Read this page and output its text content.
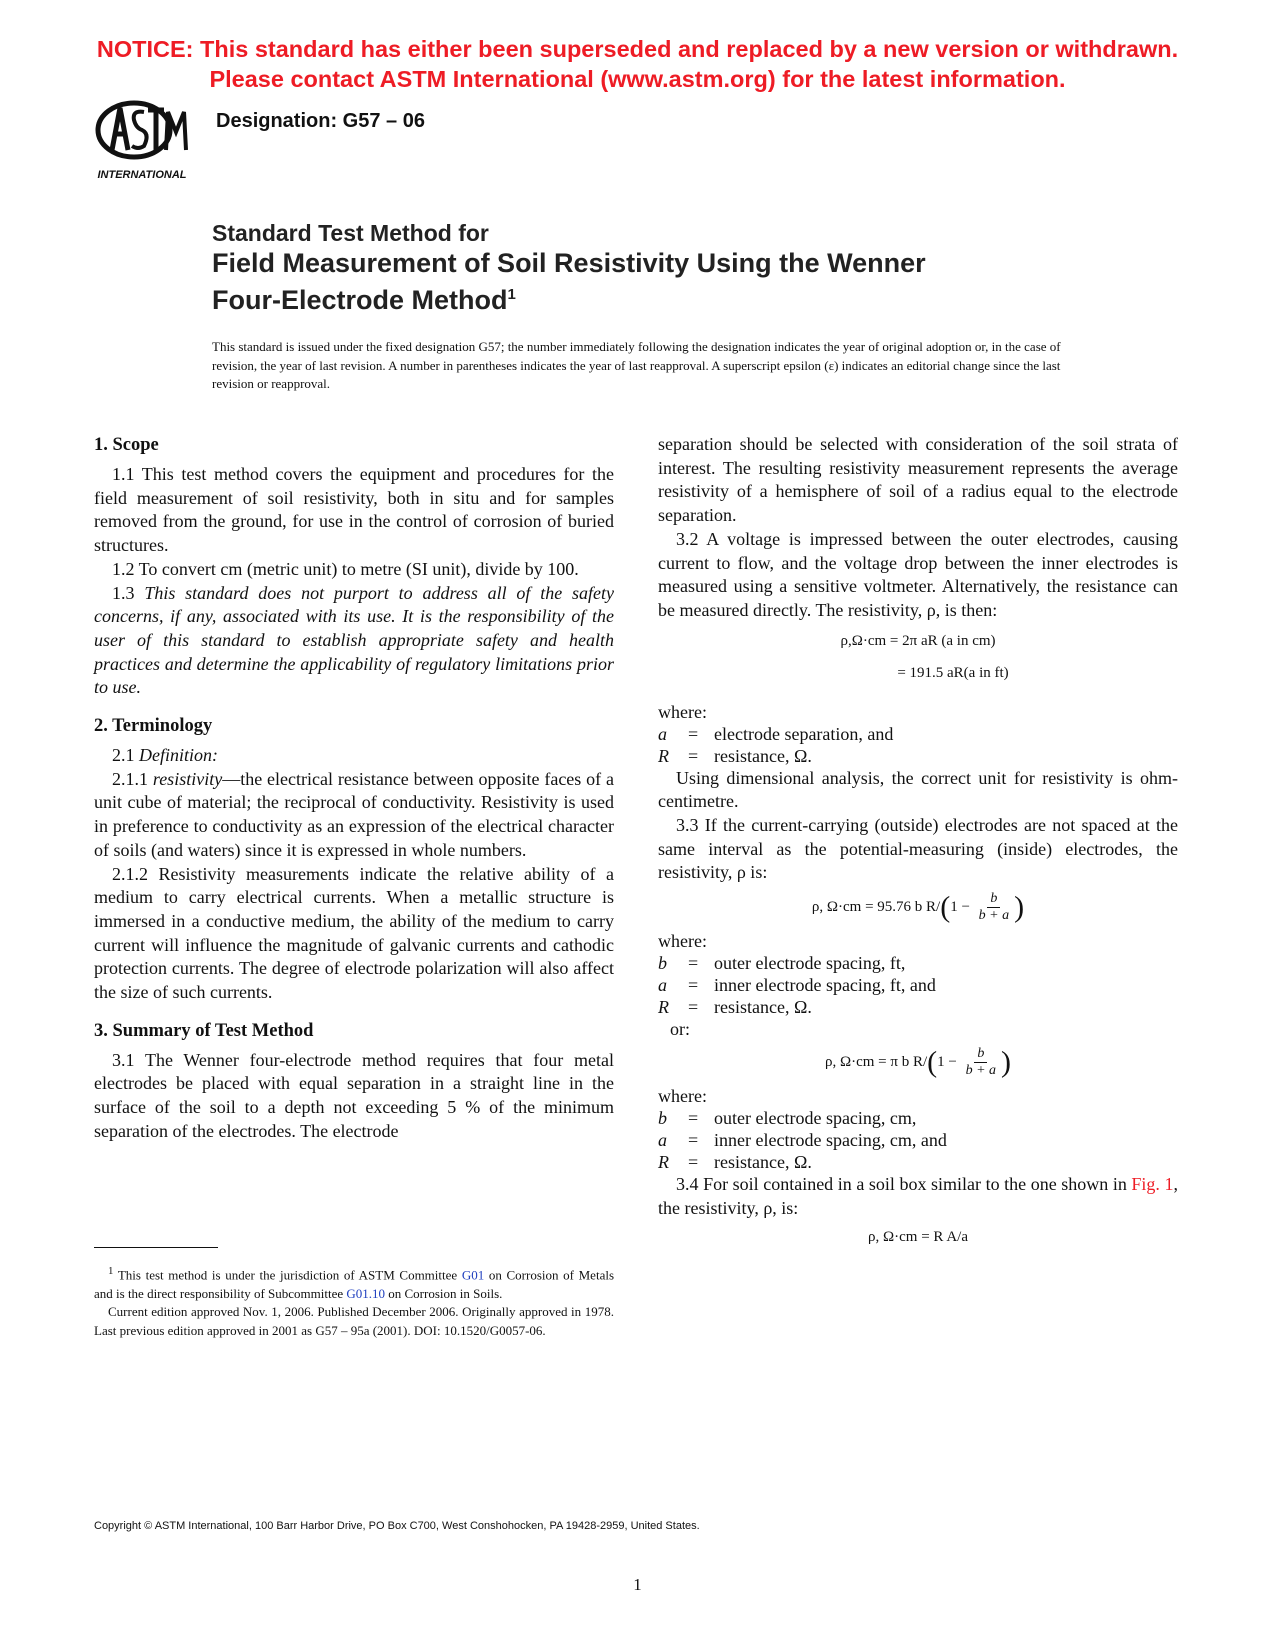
NOTICE: This standard has either been superseded and replaced by a new version or withdrawn.
Please contact ASTM International (www.astm.org) for the latest information.
INTERNATIONAL
Designation: G57 – 06
Standard Test Method for
Field Measurement of Soil Resistivity Using the Wenner
Four-Electrode Method$^1$
This standard is issued under the fixed designation G57; the number immediately following the designation indicates the year of original adoption or, in the case of revision, the year of last revision. A number in parentheses indicates the year of last reapproval. A superscript epsilon (ε) indicates an editorial change since the last revision or reapproval.
1. Scope

1.1 This test method covers the equipment and procedures for the field measurement of soil resistivity, both in situ and for samples removed from the ground, for use in the control of corrosion of buried structures.

1.2 To convert cm (metric unit) to metre (SI unit), divide by 100.

1.3 This standard does not purport to address all of the safety concerns, if any, associated with its use. It is the responsibility of the user of this standard to establish appropriate safety and health practices and determine the applicability of regulatory limitations prior to use.

2. Terminology

2.1 Definition:

2.1.1 resistivity—the electrical resistance between opposite faces of a unit cube of material; the reciprocal of conductivity. Resistivity is used in preference to conductivity as an expression of the electrical character of soils (and waters) since it is expressed in whole numbers.

2.1.2 Resistivity measurements indicate the relative ability of a medium to carry electrical currents. When a metallic structure is immersed in a conductive medium, the ability of the medium to carry current will influence the magnitude of galvanic currents and cathodic protection currents. The degree of electrode polarization will also affect the size of such currents.

3. Summary of Test Method

3.1 The Wenner four-electrode method requires that four metal electrodes be placed with equal separation in a straight line in the surface of the soil to a depth not exceeding 5 % of the minimum separation of the electrodes. The electrode

$^1$ This test method is under the jurisdiction of ASTM Committee G01 on Corrosion of Metals and is the direct responsibility of Subcommittee G01.10 on Corrosion in Soils.

Current edition approved Nov. 1, 2006. Published December 2006. Originally approved in 1978. Last previous edition approved in 2001 as G57 – 95a (2001). DOI: 10.1520/G0057-06.

separation should be selected with consideration of the soil strata of interest. The resulting resistivity measurement represents the average resistivity of a hemisphere of soil of a radius equal to the electrode separation.

3.2 A voltage is impressed between the outer electrodes, causing current to flow, and the voltage drop between the inner electrodes is measured using a sensitive voltmeter. Alternatively, the resistance can be measured directly. The resistivity, ρ, is then:

ρ,Ω·cm = 2π aR (a in cm)
= 191.5 aR(a in ft)
where:
a	= electrode separation, and
R	= resistance, Ω.

Using dimensional analysis, the correct unit for resistivity is ohm-centimetre.

3.3 If the current-carrying (outside) electrodes are not spaced at the same interval as the potential-measuring (inside) electrodes, the resistivity, ρ is:

ρ, Ω·cm = 95.76 b $R/(1 - \frac{b}{b + a}$ )
where:
b	= outer electrode spacing, ft,
a	= inner electrode spacing, ft, and
R	= resistance, Ω.
or:
ρ, Ω·cm = π b $R/(1 - \frac{b}{b + a}$ )
where:
b	= outer electrode spacing, cm,
a	= inner electrode spacing, cm, and
R	= resistance, Ω.

3.4 For soil contained in a soil box similar to the one shown in Fig. 1, the resistivity, ρ, is:

ρ, Ω·cm = R A/a
Copyright © ASTM International, 100 Barr Harbor Drive, PO Box C700, West Conshohocken, PA 19428-2959, United States.
1
